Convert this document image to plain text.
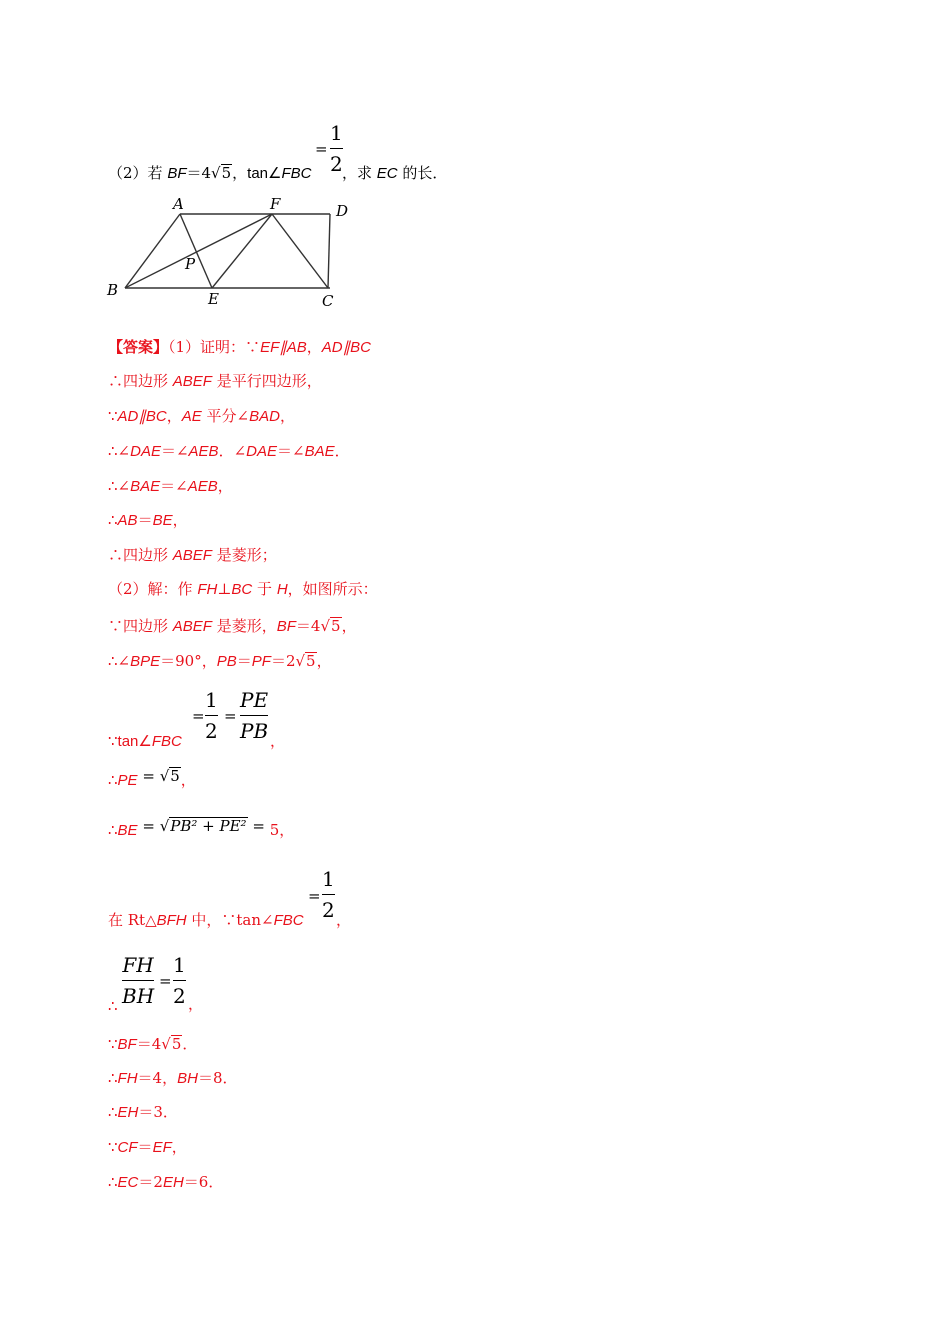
（2）若 BF＝4√5，tan∠FBC
=
1
2 ，求 EC 的长．
A	F	D
B
P
E	C
【答案】（1）证明：∵EF∥AB，AD∥BC
∴四边形 ABEF 是平行四边形，
∵AD∥BC，AE 平分∠BAD，
∴∠DAE＝∠AEB．∠DAE＝∠BAE．
∴∠BAE＝∠AEB，
∴AB＝BE，
∴四边形 ABEF 是菱形；
（2）解：作 FH⊥BC 于 H，如图所示：
∵四边形 ABEF 是菱形，BF＝4√5，
∴∠BPE＝90°，PB＝PF＝2√5，
∵tan∠FBC
=
1
2
=
PE
PB ，
∴PE = √5，
∴BE = √PB² + PE² = 5，
在 Rt△BFH 中，∵tan∠FBC
=
1
2 ，
∴
FH
BH
=
1
2 ，
∵BF＝4√5．
∴FH＝4，BH＝8．
∴EH＝3．
∵CF＝EF，
∴EC＝2EH＝6．
